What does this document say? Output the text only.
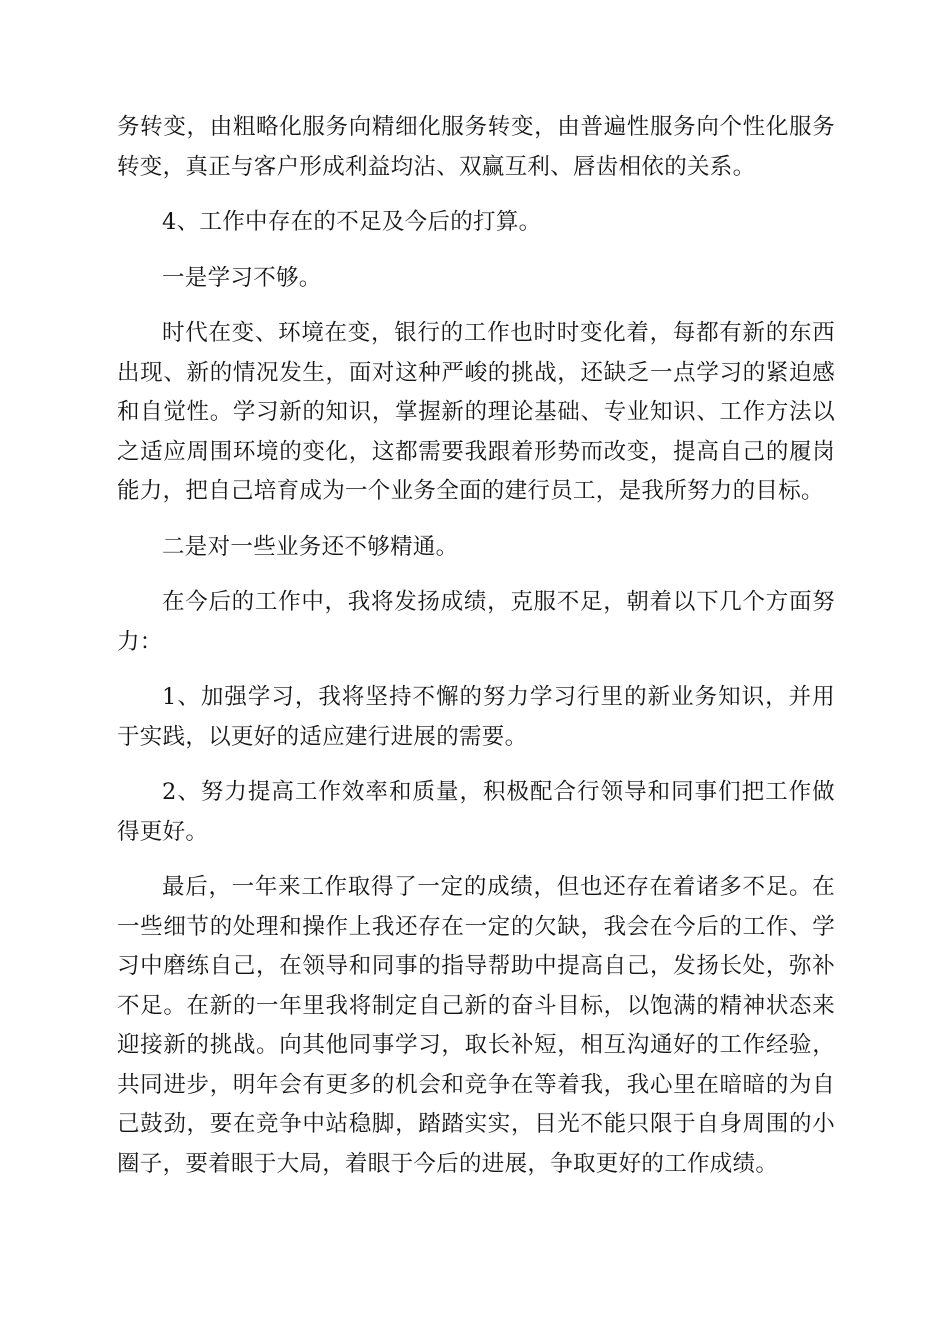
务转变，由粗略化服务向精细化服务转变，由普遍性服务向个性化服务转变，真正与客户形成利益均沾、双赢互利、唇齿相依的关系。

4、工作中存在的不足及今后的打算。

一是学习不够。

时代在变、环境在变，银行的工作也时时变化着，每都有新的东西出现、新的情况发生，面对这种严峻的挑战，还缺乏一点学习的紧迫感和自觉性。学习新的知识，掌握新的理论基础、专业知识、工作方法以之适应周围环境的变化，这都需要我跟着形势而改变，提高自己的履岗能力，把自己培育成为一个业务全面的建行员工，是我所努力的目标。

二是对一些业务还不够精通。

在今后的工作中，我将发扬成绩，克服不足，朝着以下几个方面努力：

1、加强学习，我将坚持不懈的努力学习行里的新业务知识，并用于实践，以更好的适应建行进展的需要。

2、努力提高工作效率和质量，积极配合行领导和同事们把工作做得更好。

最后，一年来工作取得了一定的成绩，但也还存在着诸多不足。在一些细节的处理和操作上我还存在一定的欠缺，我会在今后的工作、学习中磨练自己，在领导和同事的指导帮助中提高自己，发扬长处，弥补不足。在新的一年里我将制定自己新的奋斗目标，以饱满的精神状态来迎接新的挑战。向其他同事学习，取长补短，相互沟通好的工作经验，共同进步，明年会有更多的机会和竞争在等着我，我心里在暗暗的为自己鼓劲，要在竞争中站稳脚，踏踏实实，目光不能只限于自身周围的小圈子，要着眼于大局，着眼于今后的进展，争取更好的工作成绩。
